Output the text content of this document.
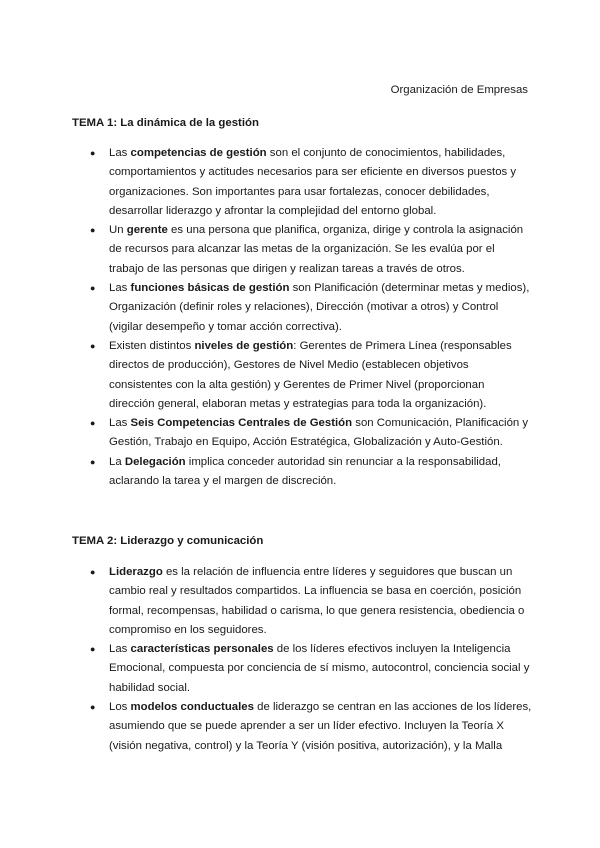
Organización de Empresas
TEMA 1: La dinámica de la gestión
● Las competencias de gestión son el conjunto de conocimientos, habilidades, comportamientos y actitudes necesarios para ser eficiente en diversos puestos y organizaciones. Son importantes para usar fortalezas, conocer debilidades, desarrollar liderazgo y afrontar la complejidad del entorno global.
● Un gerente es una persona que planifica, organiza, dirige y controla la asignación de recursos para alcanzar las metas de la organización. Se les evalúa por el trabajo de las personas que dirigen y realizan tareas a través de otros.
● Las funciones básicas de gestión son Planificación (determinar metas y medios), Organización (definir roles y relaciones), Dirección (motivar a otros) y Control (vigilar desempeño y tomar acción correctiva).
● Existen distintos niveles de gestión: Gerentes de Primera Línea (responsables directos de producción), Gestores de Nivel Medio (establecen objetivos consistentes con la alta gestión) y Gerentes de Primer Nivel (proporcionan dirección general, elaboran metas y estrategias para toda la organización).
● Las Seis Competencias Centrales de Gestión son Comunicación, Planificación y Gestión, Trabajo en Equipo, Acción Estratégica, Globalización y Auto-Gestión.
● La Delegación implica conceder autoridad sin renunciar a la responsabilidad, aclarando la tarea y el margen de discreción.
TEMA 2: Liderazgo y comunicación
● Liderazgo es la relación de influencia entre líderes y seguidores que buscan un cambio real y resultados compartidos. La influencia se basa en coerción, posición formal, recompensas, habilidad o carisma, lo que genera resistencia, obediencia o compromiso en los seguidores.
● Las características personales de los líderes efectivos incluyen la Inteligencia Emocional, compuesta por conciencia de sí mismo, autocontrol, conciencia social y habilidad social.
● Los modelos conductuales de liderazgo se centran en las acciones de los líderes, asumiendo que se puede aprender a ser un líder efectivo. Incluyen la Teoría X (visión negativa, control) y la Teoría Y (visión positiva, autorización), y la Malla
